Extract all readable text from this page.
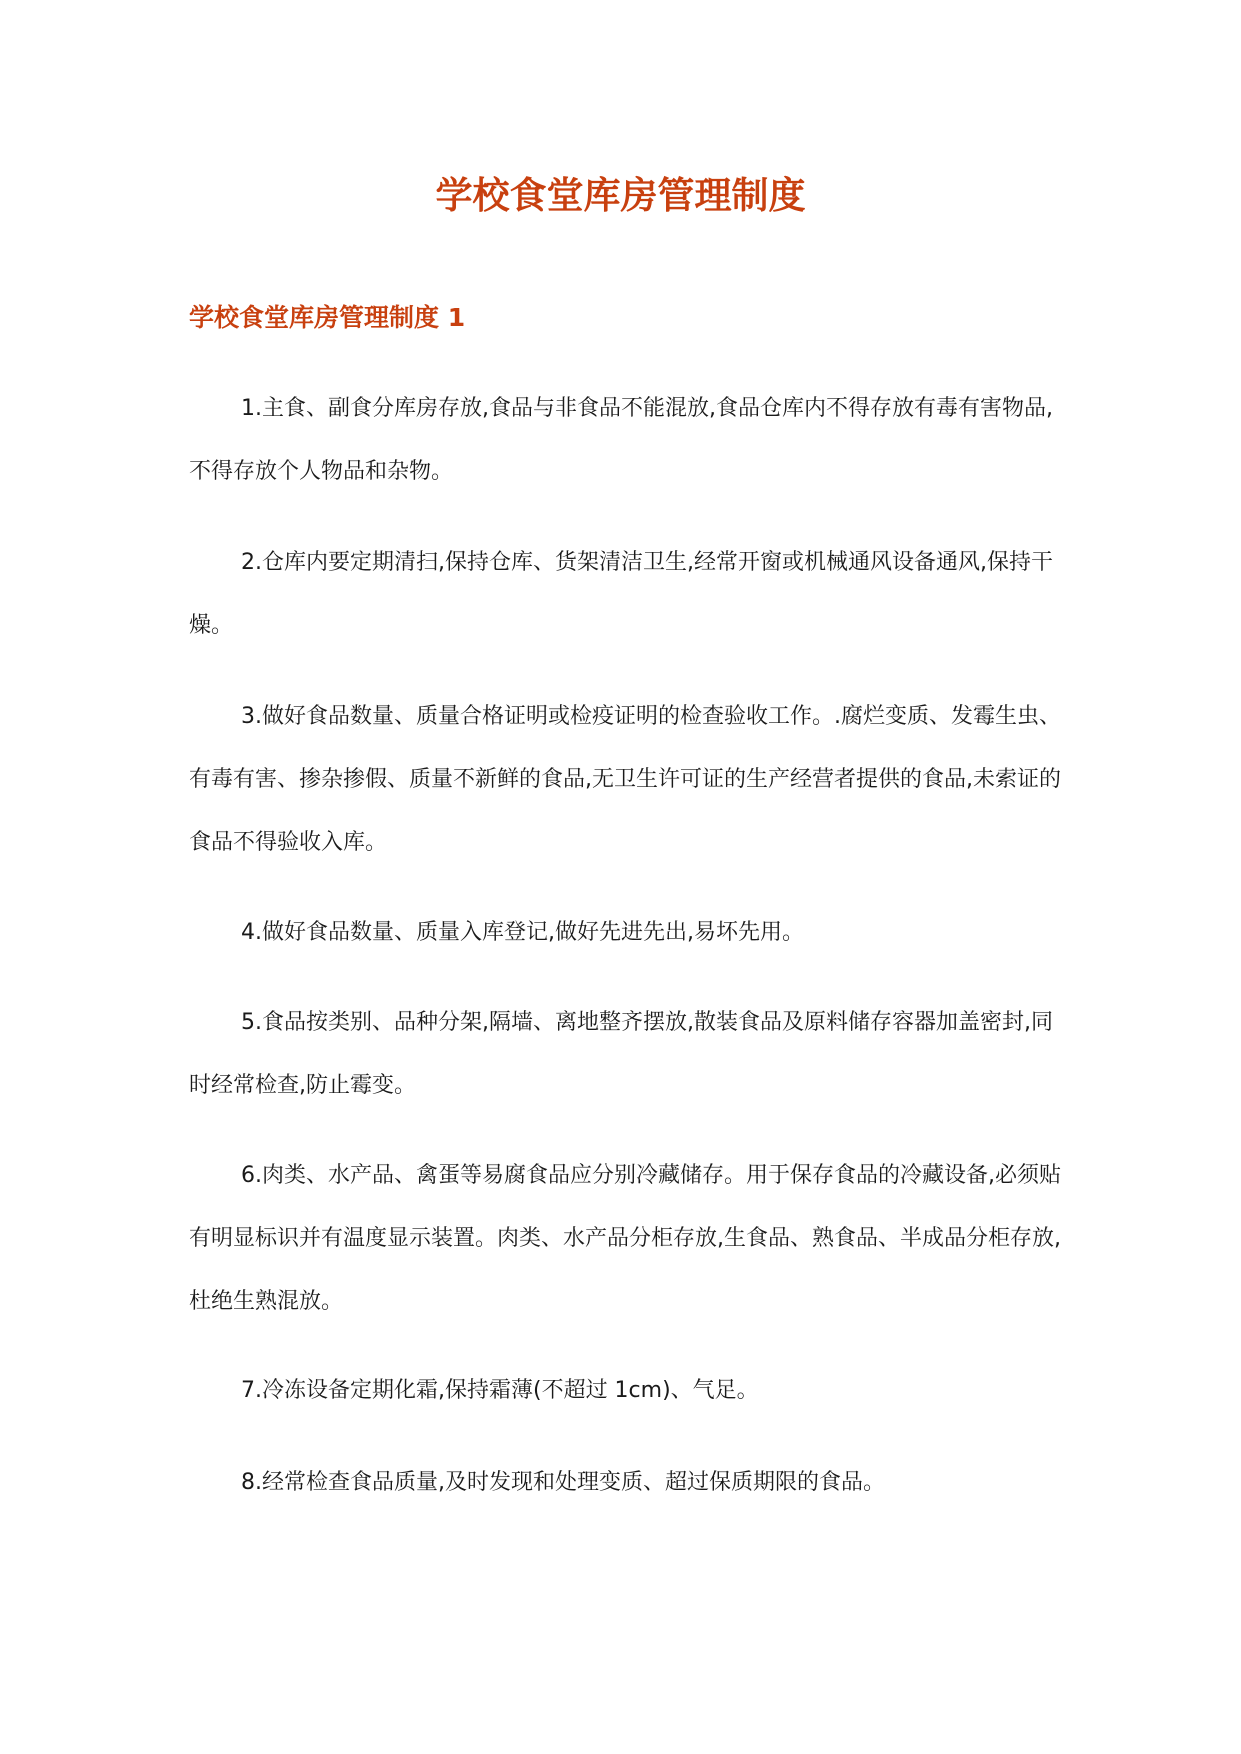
学校食堂库房管理制度
学校食堂库房管理制度 1

1.主食、副食分库房存放,食品与非食品不能混放,食品仓库内不得存放有毒有害物品,不得存放个人物品和杂物。

2.仓库内要定期清扫,保持仓库、货架清洁卫生,经常开窗或机械通风设备通风,保持干燥。

3.做好食品数量、质量合格证明或检疫证明的检查验收工作。.腐烂变质、发霉生虫、有毒有害、掺杂掺假、质量不新鲜的食品,无卫生许可证的生产经营者提供的食品,未索证的食品不得验收入库。

4.做好食品数量、质量入库登记,做好先进先出,易坏先用。

5.食品按类别、品种分架,隔墙、离地整齐摆放,散装食品及原料储存容器加盖密封,同时经常检查,防止霉变。

6.肉类、水产品、禽蛋等易腐食品应分别冷藏储存。用于保存食品的冷藏设备,必须贴有明显标识并有温度显示装置。肉类、水产品分柜存放,生食品、熟食品、半成品分柜存放,杜绝生熟混放。

7.冷冻设备定期化霜,保持霜薄(不超过 1cm)、气足。

8.经常检查食品质量,及时发现和处理变质、超过保质期限的食品。
